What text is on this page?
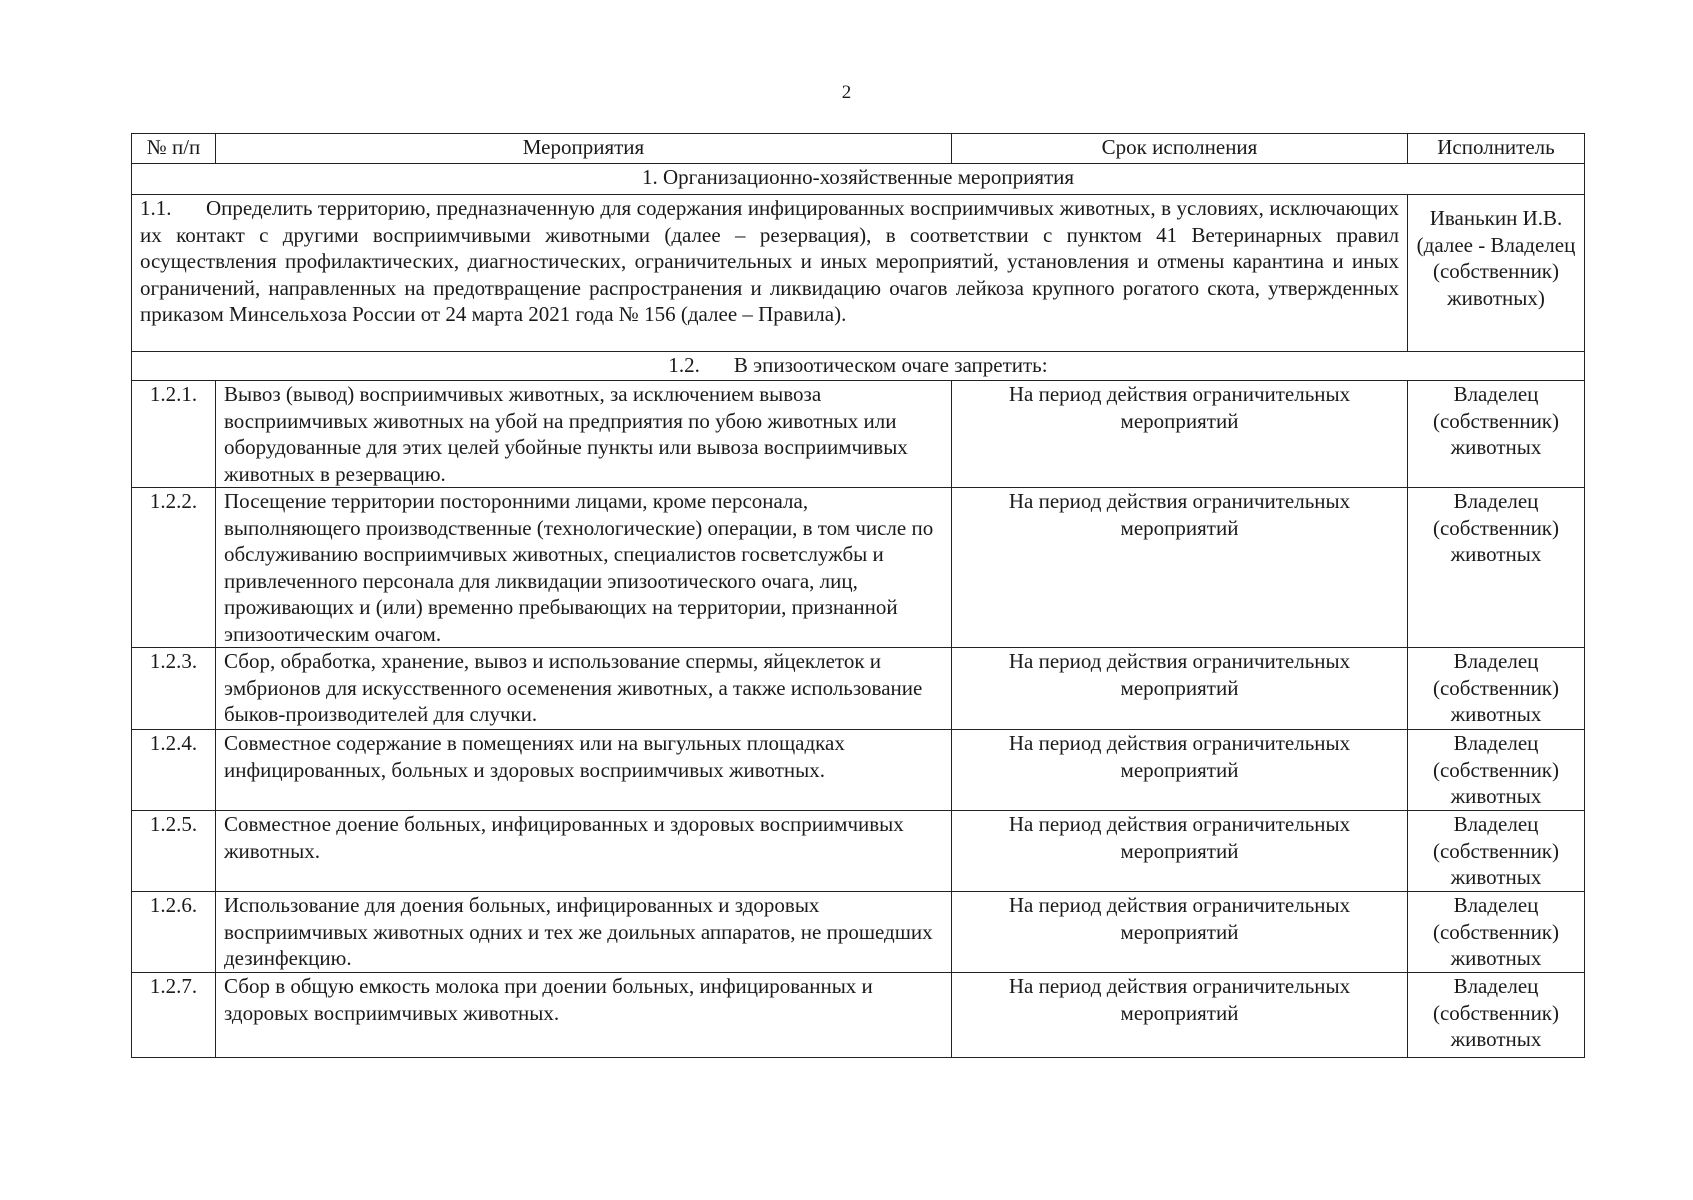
2
№ п/п	Мероприятия	Срок исполнения	Исполнитель
1. Организационно-хозяйственные мероприятия			

1.1. Определить территорию, предназначенную для содержания инфицированных восприимчивых животных, в условиях, исключающих их контакт с другими восприимчивыми животными (далее – резервация), в соответствии с пунктом 41 Ветеринарных правил осуществления профилактических, диагностических, ограничительных и иных мероприятий, установления и отмены карантина и иных ограничений, направленных на предотвращение распространения и ликвидацию очагов лейкоза крупного рогатого скота, утвержденных приказом Минсельхоза России от 24 марта 2021 года № 156 (далее – Правила).			Иванькин И.В. (далее - Владелец (собственник) животных)
1.2. В эпизоотическом очаге запретить:			
1.2.1.	Вывоз (вывод) восприимчивых животных, за исключением вывоза восприимчивых животных на убой на предприятия по убою животных или оборудованные для этих целей убойные пункты или вывоза восприимчивых животных в резервацию.	На период действия ограничительных мероприятий	Владелец (собственник) животных
1.2.2.	Посещение территории посторонними лицами, кроме персонала, выполняющего производственные (технологические) операции, в том числе по обслуживанию восприимчивых животных, специалистов госветслужбы и привлеченного персонала для ликвидации эпизоотического очага, лиц, проживающих и (или) временно пребывающих на территории, признанной эпизоотическим очагом.	На период действия ограничительных мероприятий	Владелец (собственник) животных
1.2.3.	Сбор, обработка, хранение, вывоз и использование спермы, яйцеклеток и эмбрионов для искусственного осеменения животных, а также использование быков-производителей для случки.	На период действия ограничительных мероприятий	Владелец (собственник) животных
1.2.4.	Совместное содержание в помещениях или на выгульных площадках инфицированных, больных и здоровых восприимчивых животных.	На период действия ограничительных мероприятий	Владелец (собственник) животных
1.2.5.	Совместное доение больных, инфицированных и здоровых восприимчивых животных.	На период действия ограничительных мероприятий	Владелец (собственник) животных
1.2.6.	Использование для доения больных, инфицированных и здоровых восприимчивых животных одних и тех же доильных аппаратов, не прошедших дезинфекцию.	На период действия ограничительных мероприятий	Владелец (собственник) животных
1.2.7.	Сбор в общую емкость молока при доении больных, инфицированных и здоровых восприимчивых животных.	На период действия ограничительных мероприятий	Владелец (собственник) животных
